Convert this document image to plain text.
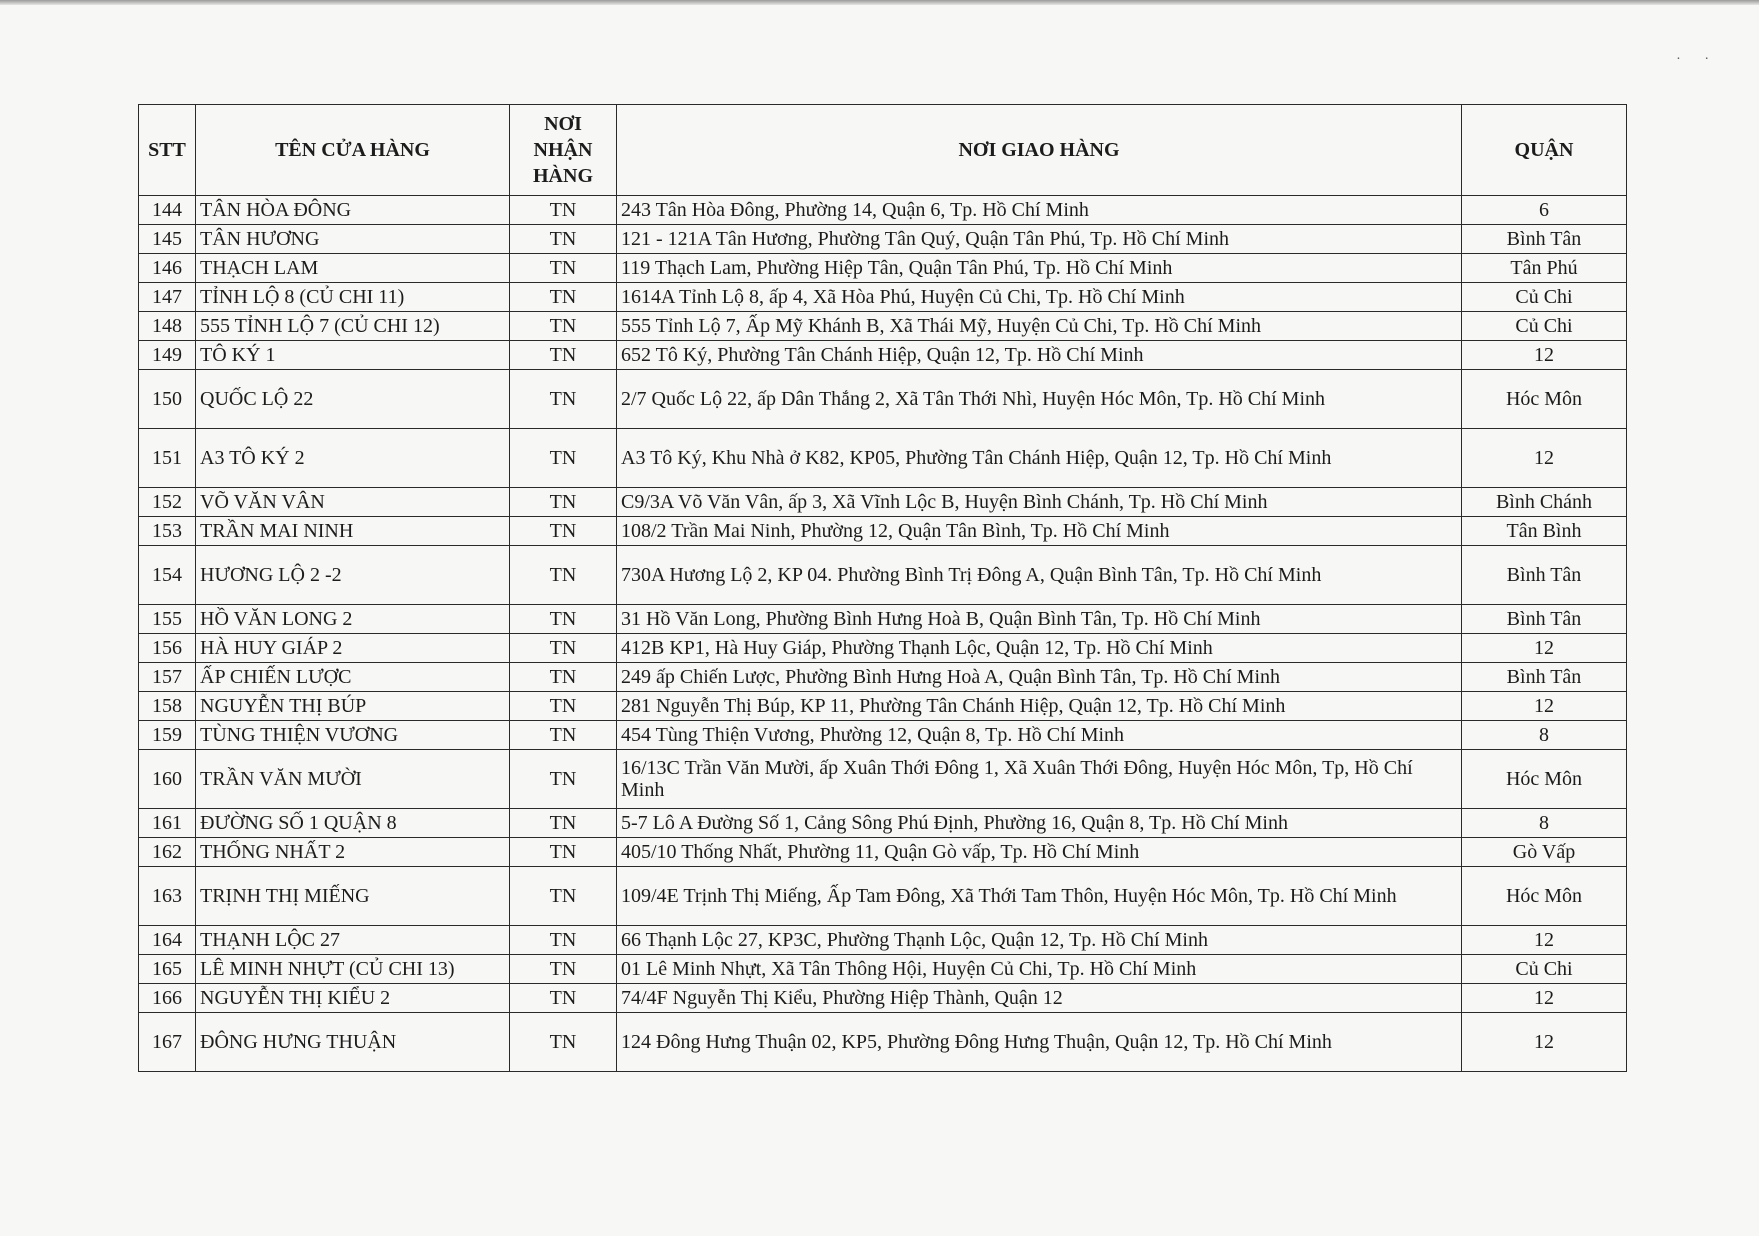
· ·
STT	TÊN CỬA HÀNG	NƠI NHẬN HÀNG	NƠI GIAO HÀNG	QUẬN
144	TÂN HÒA ĐÔNG	TN	243 Tân Hòa Đông, Phường 14, Quận 6, Tp. Hồ Chí Minh	6
145	TÂN HƯƠNG	TN	121 - 121A Tân Hương, Phường Tân Quý, Quận Tân Phú, Tp. Hồ Chí Minh	Bình Tân
146	THẠCH LAM	TN	119 Thạch Lam, Phường Hiệp Tân, Quận Tân Phú, Tp. Hồ Chí Minh	Tân Phú
147	TỈNH LỘ 8 (CỦ CHI 11)	TN	1614A Tỉnh Lộ 8, ấp 4, Xã Hòa Phú, Huyện Củ Chi, Tp. Hồ Chí Minh	Củ Chi
148	555 TỈNH LỘ 7 (CỦ CHI 12)	TN	555 Tỉnh Lộ 7, Ấp Mỹ Khánh B, Xã Thái Mỹ, Huyện Củ Chi, Tp. Hồ Chí Minh	Củ Chi
149	TÔ KÝ 1	TN	652 Tô Ký, Phường Tân Chánh Hiệp, Quận 12, Tp. Hồ Chí Minh	12
150	QUỐC LỘ 22	TN	2/7 Quốc Lộ 22, ấp Dân Thắng 2, Xã Tân Thới Nhì, Huyện Hóc Môn, Tp. Hồ Chí Minh	Hóc Môn
151	A3 TÔ KÝ 2	TN	A3 Tô Ký, Khu Nhà ở K82, KP05, Phường Tân Chánh Hiệp, Quận 12, Tp. Hồ Chí Minh	12
152	VÕ VĂN VÂN	TN	C9/3A Võ Văn Vân, ấp 3, Xã Vĩnh Lộc B, Huyện Bình Chánh, Tp. Hồ Chí Minh	Bình Chánh
153	TRẦN MAI NINH	TN	108/2 Trần Mai Ninh, Phường 12, Quận Tân Bình, Tp. Hồ Chí Minh	Tân Bình
154	HƯƠNG LỘ 2 -2	TN	730A Hương Lộ 2, KP 04. Phường Bình Trị Đông A, Quận Bình Tân, Tp. Hồ Chí Minh	Bình Tân
155	HỒ VĂN LONG 2	TN	31 Hồ Văn Long, Phường Bình Hưng Hoà B, Quận Bình Tân, Tp. Hồ Chí Minh	Bình Tân
156	HÀ HUY GIÁP 2	TN	412B KP1, Hà Huy Giáp, Phường Thạnh Lộc, Quận 12, Tp. Hồ Chí Minh	12
157	ẤP CHIẾN LƯỢC	TN	249 ấp Chiến Lược, Phường Bình Hưng Hoà A, Quận Bình Tân, Tp. Hồ Chí Minh	Bình Tân
158	NGUYỄN THỊ BÚP	TN	281 Nguyễn Thị Búp, KP 11, Phường Tân Chánh Hiệp, Quận 12, Tp. Hồ Chí Minh	12
159	TÙNG THIỆN VƯƠNG	TN	454 Tùng Thiện Vương, Phường 12, Quận 8, Tp. Hồ Chí Minh	8
160	TRẦN VĂN MƯỜI	TN	16/13C Trần Văn Mười, ấp Xuân Thới Đông 1, Xã Xuân Thới Đông, Huyện Hóc Môn, Tp, Hồ Chí Minh	Hóc Môn
161	ĐƯỜNG SỐ 1 QUẬN 8	TN	5-7 Lô A Đường Số 1, Cảng Sông Phú Định, Phường 16, Quận 8, Tp. Hồ Chí Minh	8
162	THỐNG NHẤT 2	TN	405/10 Thống Nhất, Phường 11, Quận Gò vấp, Tp. Hồ Chí Minh	Gò Vấp
163	TRỊNH THỊ MIẾNG	TN	109/4E Trịnh Thị Miếng, Ấp Tam Đông, Xã Thới Tam Thôn, Huyện Hóc Môn, Tp. Hồ Chí Minh	Hóc Môn
164	THẠNH LỘC 27	TN	66 Thạnh Lộc 27, KP3C, Phường Thạnh Lộc, Quận 12, Tp. Hồ Chí Minh	12
165	LÊ MINH NHỰT (CỦ CHI 13)	TN	01 Lê Minh Nhựt, Xã Tân Thông Hội, Huyện Củ Chi, Tp. Hồ Chí Minh	Củ Chi
166	NGUYỄN THỊ KIỂU 2	TN	74/4F Nguyễn Thị Kiểu, Phường Hiệp Thành, Quận 12	12
167	ĐÔNG HƯNG THUẬN	TN	124 Đông Hưng Thuận 02, KP5, Phường Đông Hưng Thuận, Quận 12, Tp. Hồ Chí Minh	12
